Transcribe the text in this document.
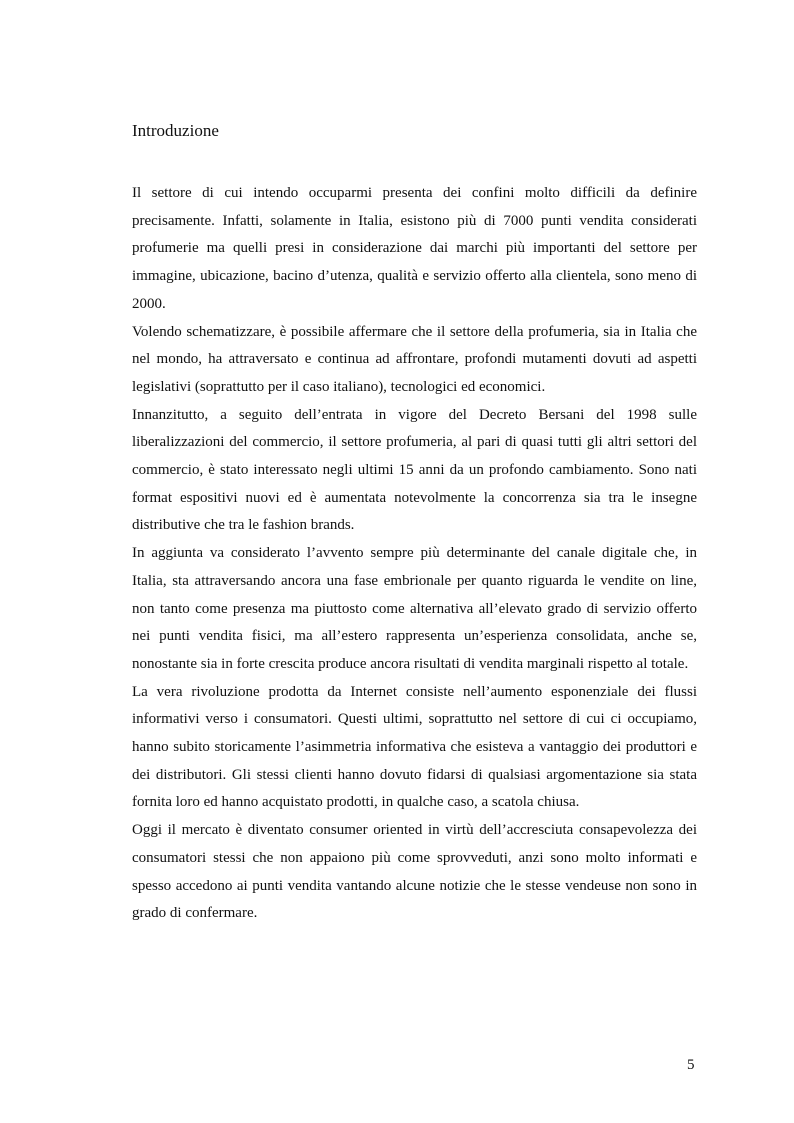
Introduzione

Il settore di cui intendo occuparmi presenta dei confini molto difficili da definire precisamente. Infatti, solamente in Italia, esistono più di 7000 punti vendita considerati profumerie ma quelli presi in considerazione dai marchi più importanti del settore per immagine, ubicazione, bacino d’utenza, qualità e servizio offerto alla clientela, sono meno di 2000.

Volendo schematizzare, è possibile affermare che il settore della profumeria, sia in Italia che nel mondo, ha attraversato e continua ad affrontare, profondi mutamenti dovuti ad aspetti legislativi (soprattutto per il caso italiano), tecnologici ed economici.

Innanzitutto, a seguito dell’entrata in vigore del Decreto Bersani del 1998 sulle liberalizzazioni del commercio, il settore profumeria, al pari di quasi tutti gli altri settori del commercio, è stato interessato negli ultimi 15 anni da un profondo cambiamento. Sono nati format espositivi nuovi ed è aumentata notevolmente la concorrenza sia tra le insegne distributive che tra le fashion brands.

In aggiunta va considerato l’avvento sempre più determinante del canale digitale che, in Italia, sta attraversando ancora una fase embrionale per quanto riguarda le vendite on line, non tanto come presenza ma piuttosto come alternativa all’elevato grado di servizio offerto nei punti vendita fisici, ma all’estero rappresenta un’esperienza consolidata, anche se, nonostante sia in forte crescita produce ancora risultati di vendita marginali rispetto al totale.

La vera rivoluzione prodotta da Internet consiste nell’aumento esponenziale dei flussi informativi verso i consumatori. Questi ultimi, soprattutto nel settore di cui ci occupiamo, hanno subito storicamente l’asimmetria informativa che esisteva a vantaggio dei produttori e dei distributori. Gli stessi clienti hanno dovuto fidarsi di qualsiasi argomentazione sia stata fornita loro ed hanno acquistato prodotti, in qualche caso, a scatola chiusa.

Oggi il mercato è diventato consumer oriented in virtù dell’accresciuta consapevolezza dei consumatori stessi che non appaiono più come sprovveduti, anzi sono molto informati e spesso accedono ai punti vendita vantando alcune notizie che le stesse vendeuse non sono in grado di confermare.

5
